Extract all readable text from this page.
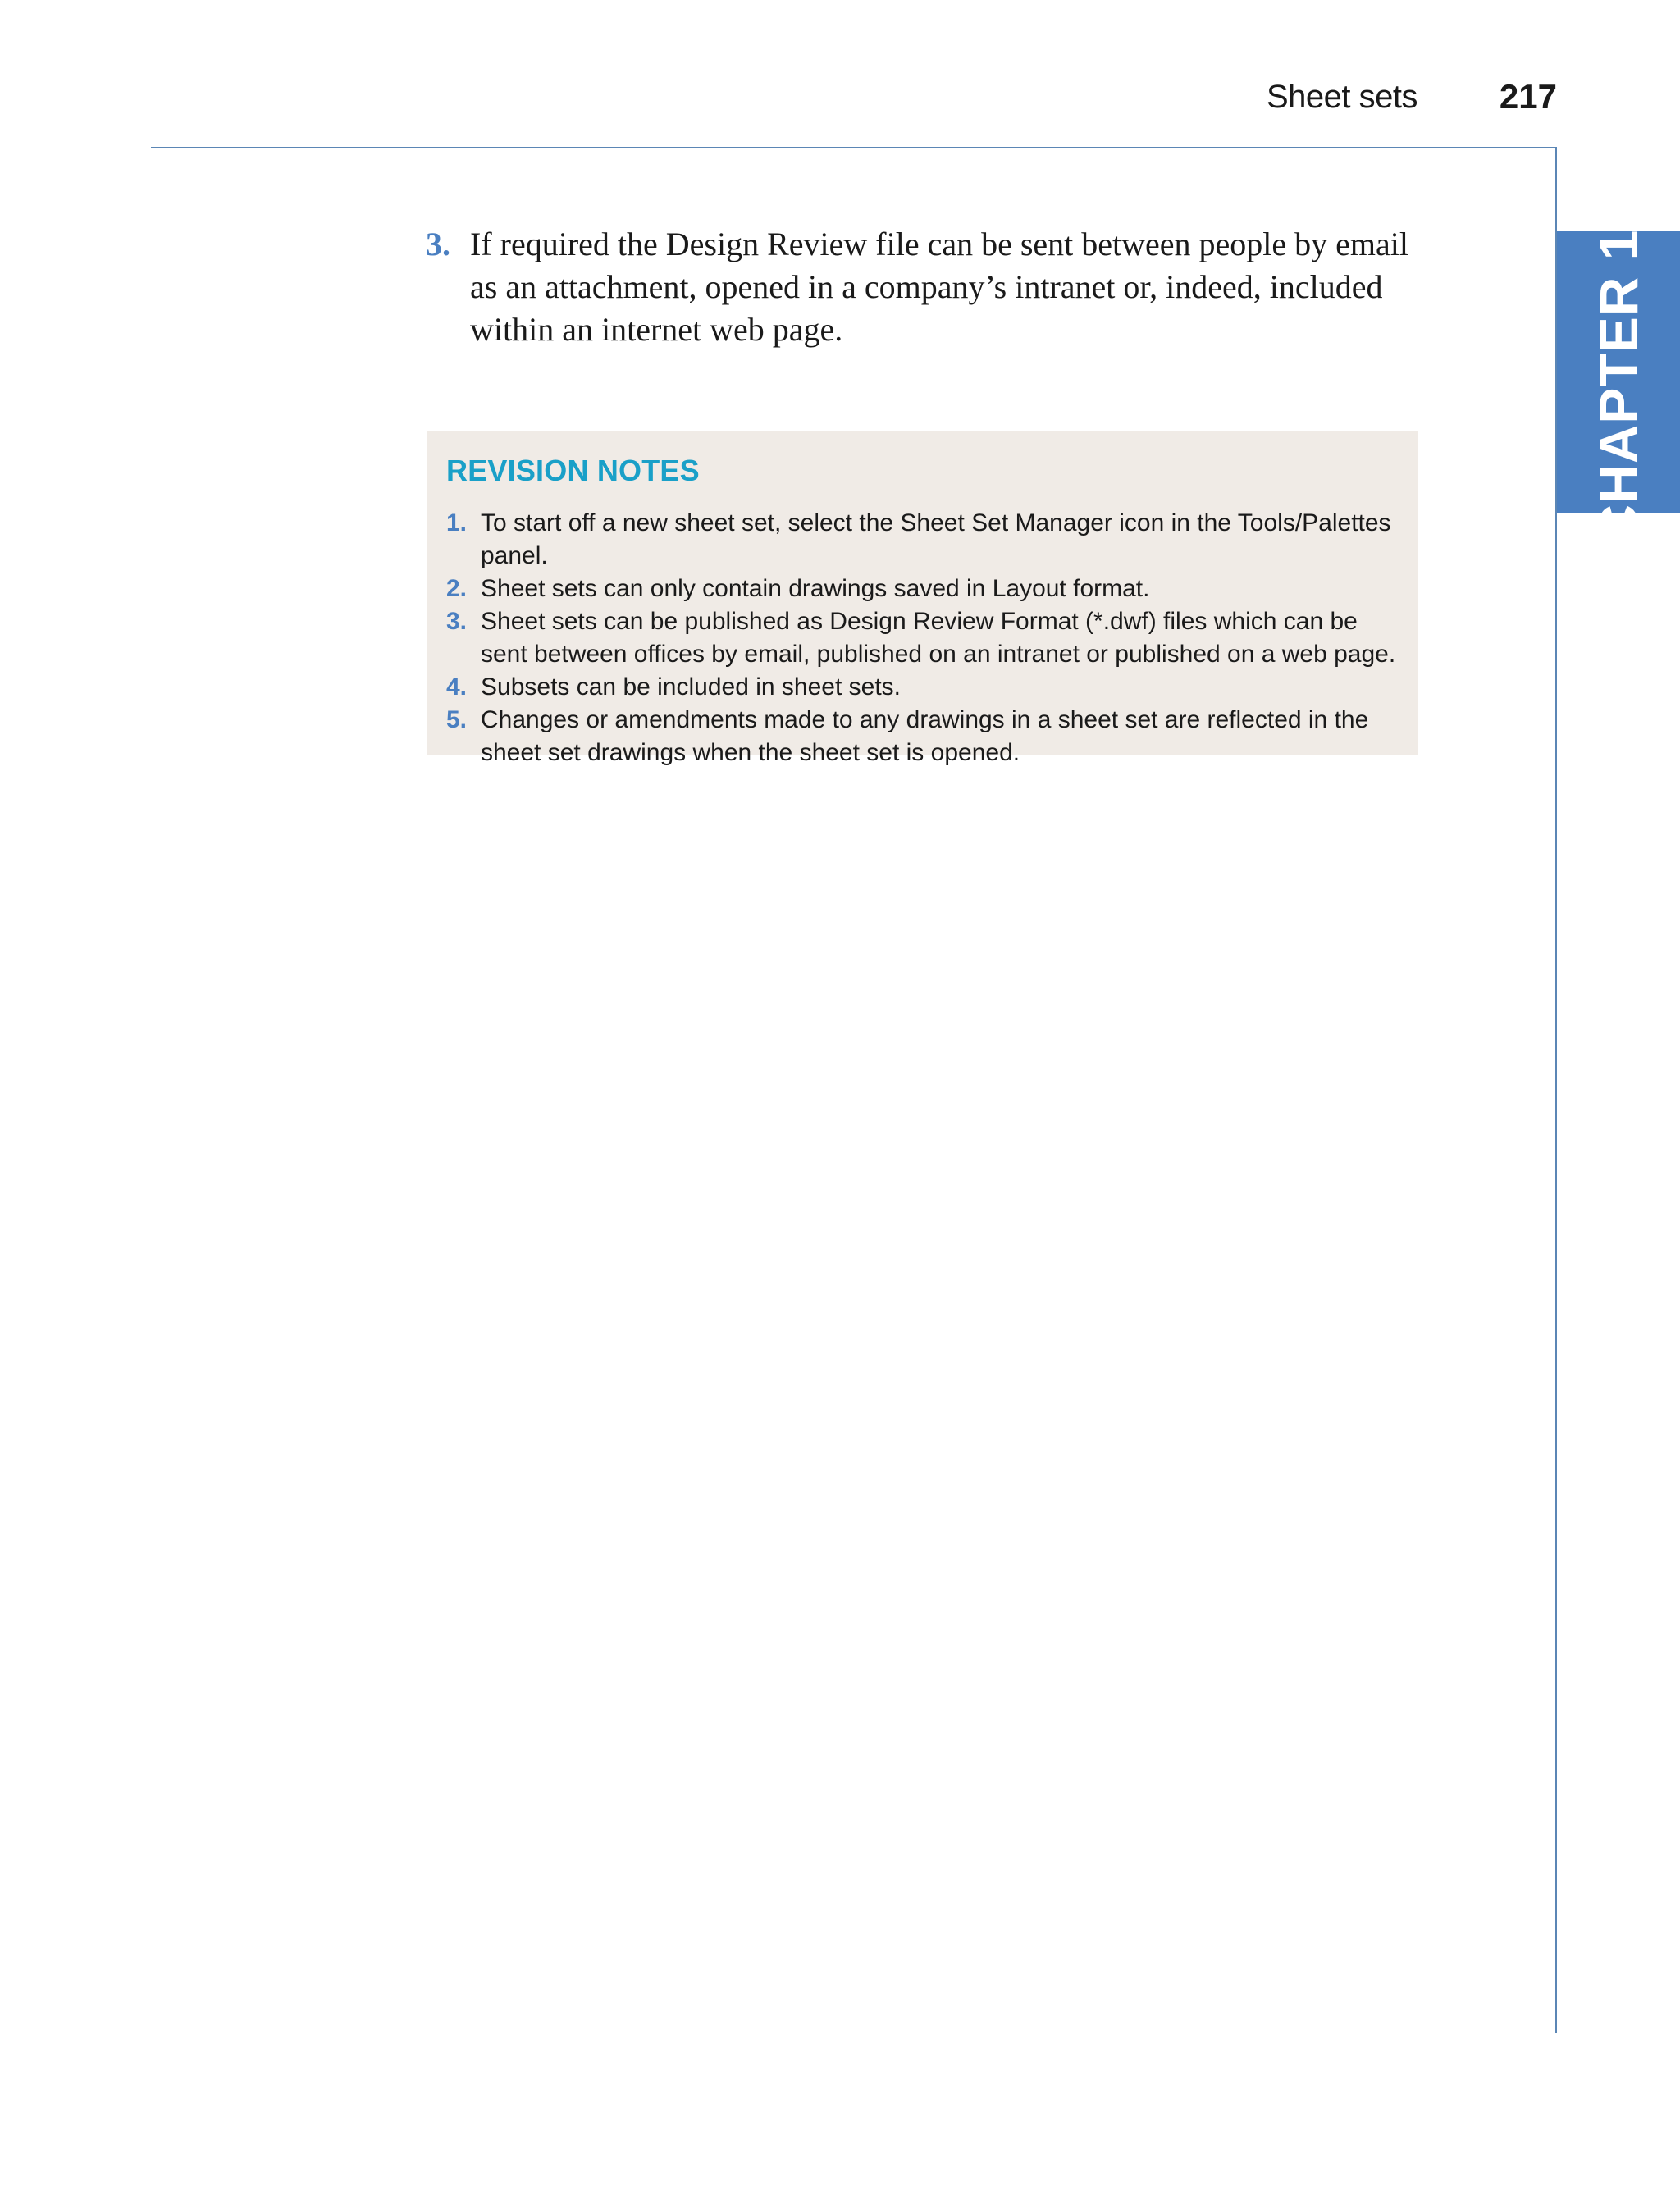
Sheet sets 217
CHAPTER 11
3. If required the Design Review file can be sent between people by email as an attachment, opened in a company’s intranet or, indeed, included within an internet web page.
REVISION NOTES
1. To start off a new sheet set, select the Sheet Set Manager icon in the Tools/Palettes panel.
2. Sheet sets can only contain drawings saved in Layout format.
3. Sheet sets can be published as Design Review Format (*.dwf) files which can be sent between offices by email, published on an intranet or published on a web page.
4. Subsets can be included in sheet sets.
5. Changes or amendments made to any drawings in a sheet set are reflected in the sheet set drawings when the sheet set is opened.
